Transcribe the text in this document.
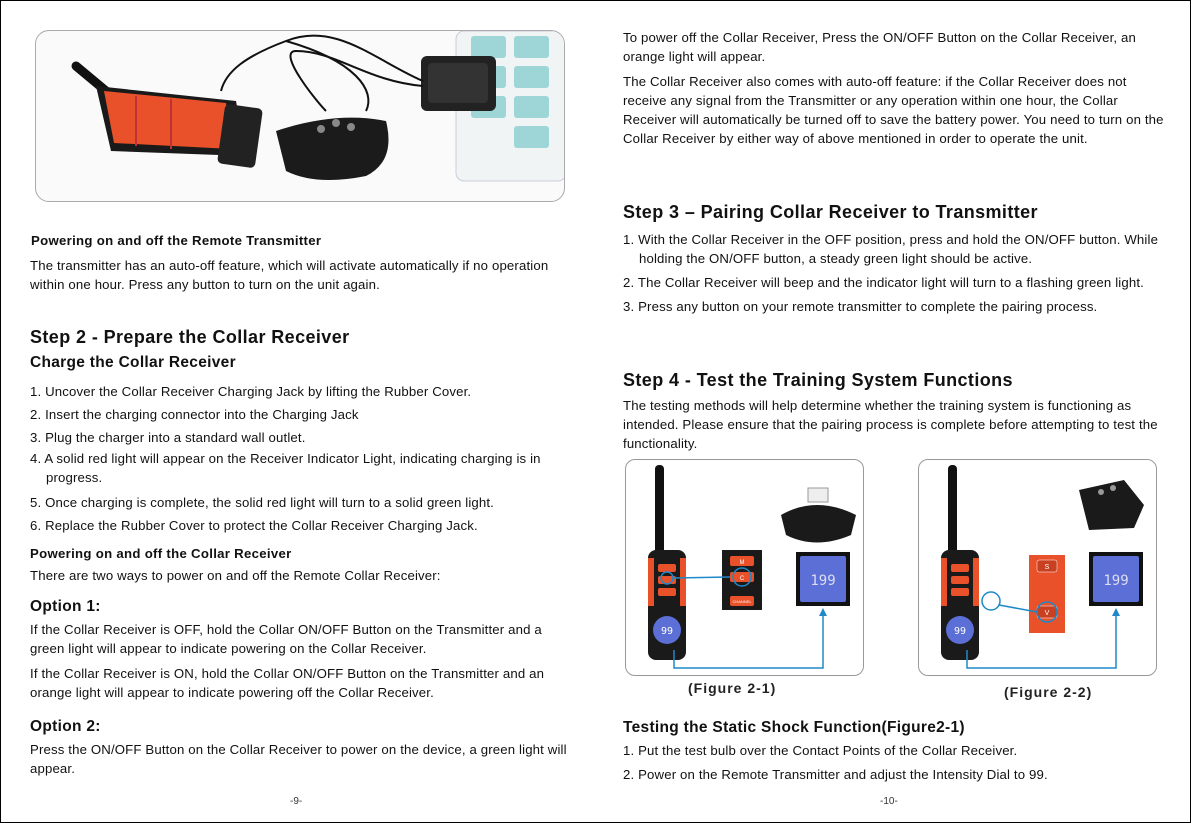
Powering on and off the Remote Transmitter
The transmitter has an auto-off feature, which will activate automatically if no operation within one hour. Press any button to turn on the unit again.
Step 2 - Prepare the Collar Receiver
Charge the Collar Receiver
1. Uncover the Collar Receiver Charging Jack by lifting the Rubber Cover.
2. Insert the charging connector into the Charging Jack
3. Plug the charger into a standard wall outlet.
4. A solid red light will appear on the Receiver Indicator Light, indicating charging is in progress.
5. Once charging is complete, the solid red light will turn to a solid green light.
6. Replace the Rubber Cover to protect the Collar Receiver Charging Jack.
Powering on and off the Collar Receiver
There are two ways to power on and off the Remote Collar Receiver:
Option 1:
If the Collar Receiver is OFF, hold the Collar ON/OFF Button on the Transmitter and a green light will appear to indicate powering on the Collar Receiver.
If the Collar Receiver is ON, hold the Collar ON/OFF Button on the Transmitter and an orange light will appear to indicate powering off the Collar Receiver.
Option 2:
Press the ON/OFF Button on the Collar Receiver to power on the device, a green light will appear.
-9-
To power off the Collar Receiver, Press the ON/OFF Button on the Collar Receiver, an orange light will appear.
The Collar Receiver also comes with auto-off feature: if the Collar Receiver does not receive any signal from the Transmitter or any operation within one hour, the Collar Receiver will automatically be turned off to save the battery power. You need to turn on the Collar Receiver by either way of above mentioned in order to operate the unit.
Step 3 – Pairing Collar Receiver to Transmitter
1. With the Collar Receiver in the OFF position, press and hold the ON/OFF button. While holding the ON/OFF button, a steady green light should be active.
2. The Collar Receiver will beep and the indicator light will turn to a flashing green light.
3. Press any button on your remote transmitter to complete the pairing process.
Step 4 - Test the Training System Functions
The testing methods will help determine whether the training system is functioning as intended. Please ensure that the pairing process is complete before attempting to test the functionality.
99
M
C
CHANNEL
199
(Figure 2-1)
99
S
V
199
(Figure 2-2)
Testing the Static Shock Function(Figure2-1)
1. Put the test bulb over the Contact Points of the Collar Receiver.
2. Power on the Remote Transmitter and adjust the Intensity Dial to 99.
-10-
